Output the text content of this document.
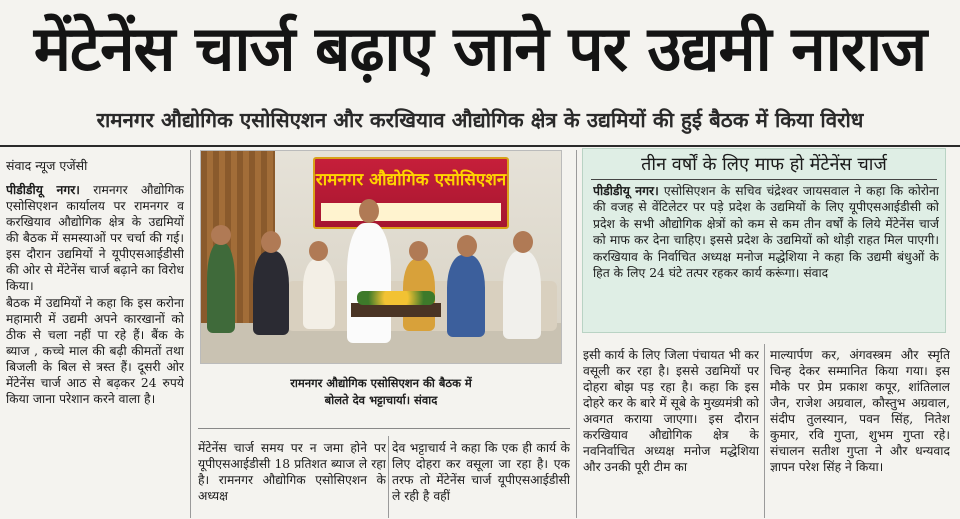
मेंटेनेंस चार्ज बढ़ाए जाने पर उद्यमी नाराज
रामनगर औद्योगिक एसोसिएशन और करखियाव औद्योगिक क्षेत्र के उद्यमियों की हुई बैठक में किया विरोध
संवाद न्यूज एजेंसी

पीडीडीयू नगर। रामनगर औद्योगिक एसोसिएशन कार्यालय पर रामनगर व करखियाव औद्योगिक क्षेत्र के उद्यमियों की बैठक में समस्याओं पर चर्चा की गई। इस दौरान उद्यमियों ने यूपीएसआईडीसी की ओर से मेंटेनेंस चार्ज बढ़ाने का विरोध किया।

बैठक में उद्यमियों ने कहा कि इस करोना महामारी में उद्यमी अपने कारखानों को ठीक से चला नहीं पा रहे हैं। बैंक के ब्याज , कच्चे माल की बढ़ी कीमतों तथा बिजली के बिल से त्रस्त हैं। दूसरी ओर मेंटेनेंस चार्ज आठ से बढ़कर 24 रुपये किया जाना परेशान करने वाला है।

रामनगर औद्योगिक एसोसिएशन
रामनगर औद्योगिक एसोसिएशन की बैठक में
बोलते देव भट्टाचार्या। संवाद

मेंटेनेंस चार्ज समय पर न जमा होने पर यूपीएसआईडीसी 18 प्रतिशत ब्याज ले रहा है। रामनगर औद्योगिक एसोसिएशन के अध्यक्ष

देव भट्टाचार्य ने कहा कि एक ही कार्य के लिए दोहरा कर वसूला जा रहा है। एक तरफ तो मेंटेनेंस चार्ज यूपीएसआईडीसी ले रही है वहीं

तीन वर्षों के लिए माफ हो मेंटेनेंस चार्ज
पीडीडीयू नगर। एसोसिएशन के सचिव चंद्रेश्वर जायसवाल ने कहा कि कोरोना की वजह से वेंटिलेटर पर पड़े प्रदेश के उद्यमियों के लिए यूपीएसआईडीसी को प्रदेश के सभी औद्योगिक क्षेत्रों को कम से कम तीन वर्षों के लिये मेंटेनेंस चार्ज को माफ कर देना चाहिए। इससे प्रदेश के उद्यमियों को थोड़ी राहत मिल पाएगी। करखियाव के निर्वाचित अध्यक्ष मनोज मद्धेशिया ने कहा कि उद्यमी बंधुओं के हित के लिए 24 घंटे तत्पर रहकर कार्य करूंगा। संवाद

इसी कार्य के लिए जिला पंचायत भी कर वसूली कर रहा है। इससे उद्यमियों पर दोहरा बोझ पड़ रहा है। कहा कि इस दोहरे कर के बारे में सूबे के मुख्यमंत्री को अवगत कराया जाएगा। इस दौरान करखियाव औद्योगिक क्षेत्र के नवनिर्वाचित अध्यक्ष मनोज मद्धेशिया और उनकी पूरी टीम का

माल्यार्पण कर, अंगवस्त्रम और स्मृति चिन्ह देकर सम्मानित किया गया। इस मौके पर प्रेम प्रकाश कपूर, शांतिलाल जैन, राजेश अग्रवाल, कौस्तुभ अग्रवाल, संदीप तुलस्यान, पवन सिंह, नितेश कुमार, रवि गुप्ता, शुभम गुप्ता रहे। संचालन सतीश गुप्ता ने और धन्यवाद ज्ञापन परेश सिंह ने किया।
